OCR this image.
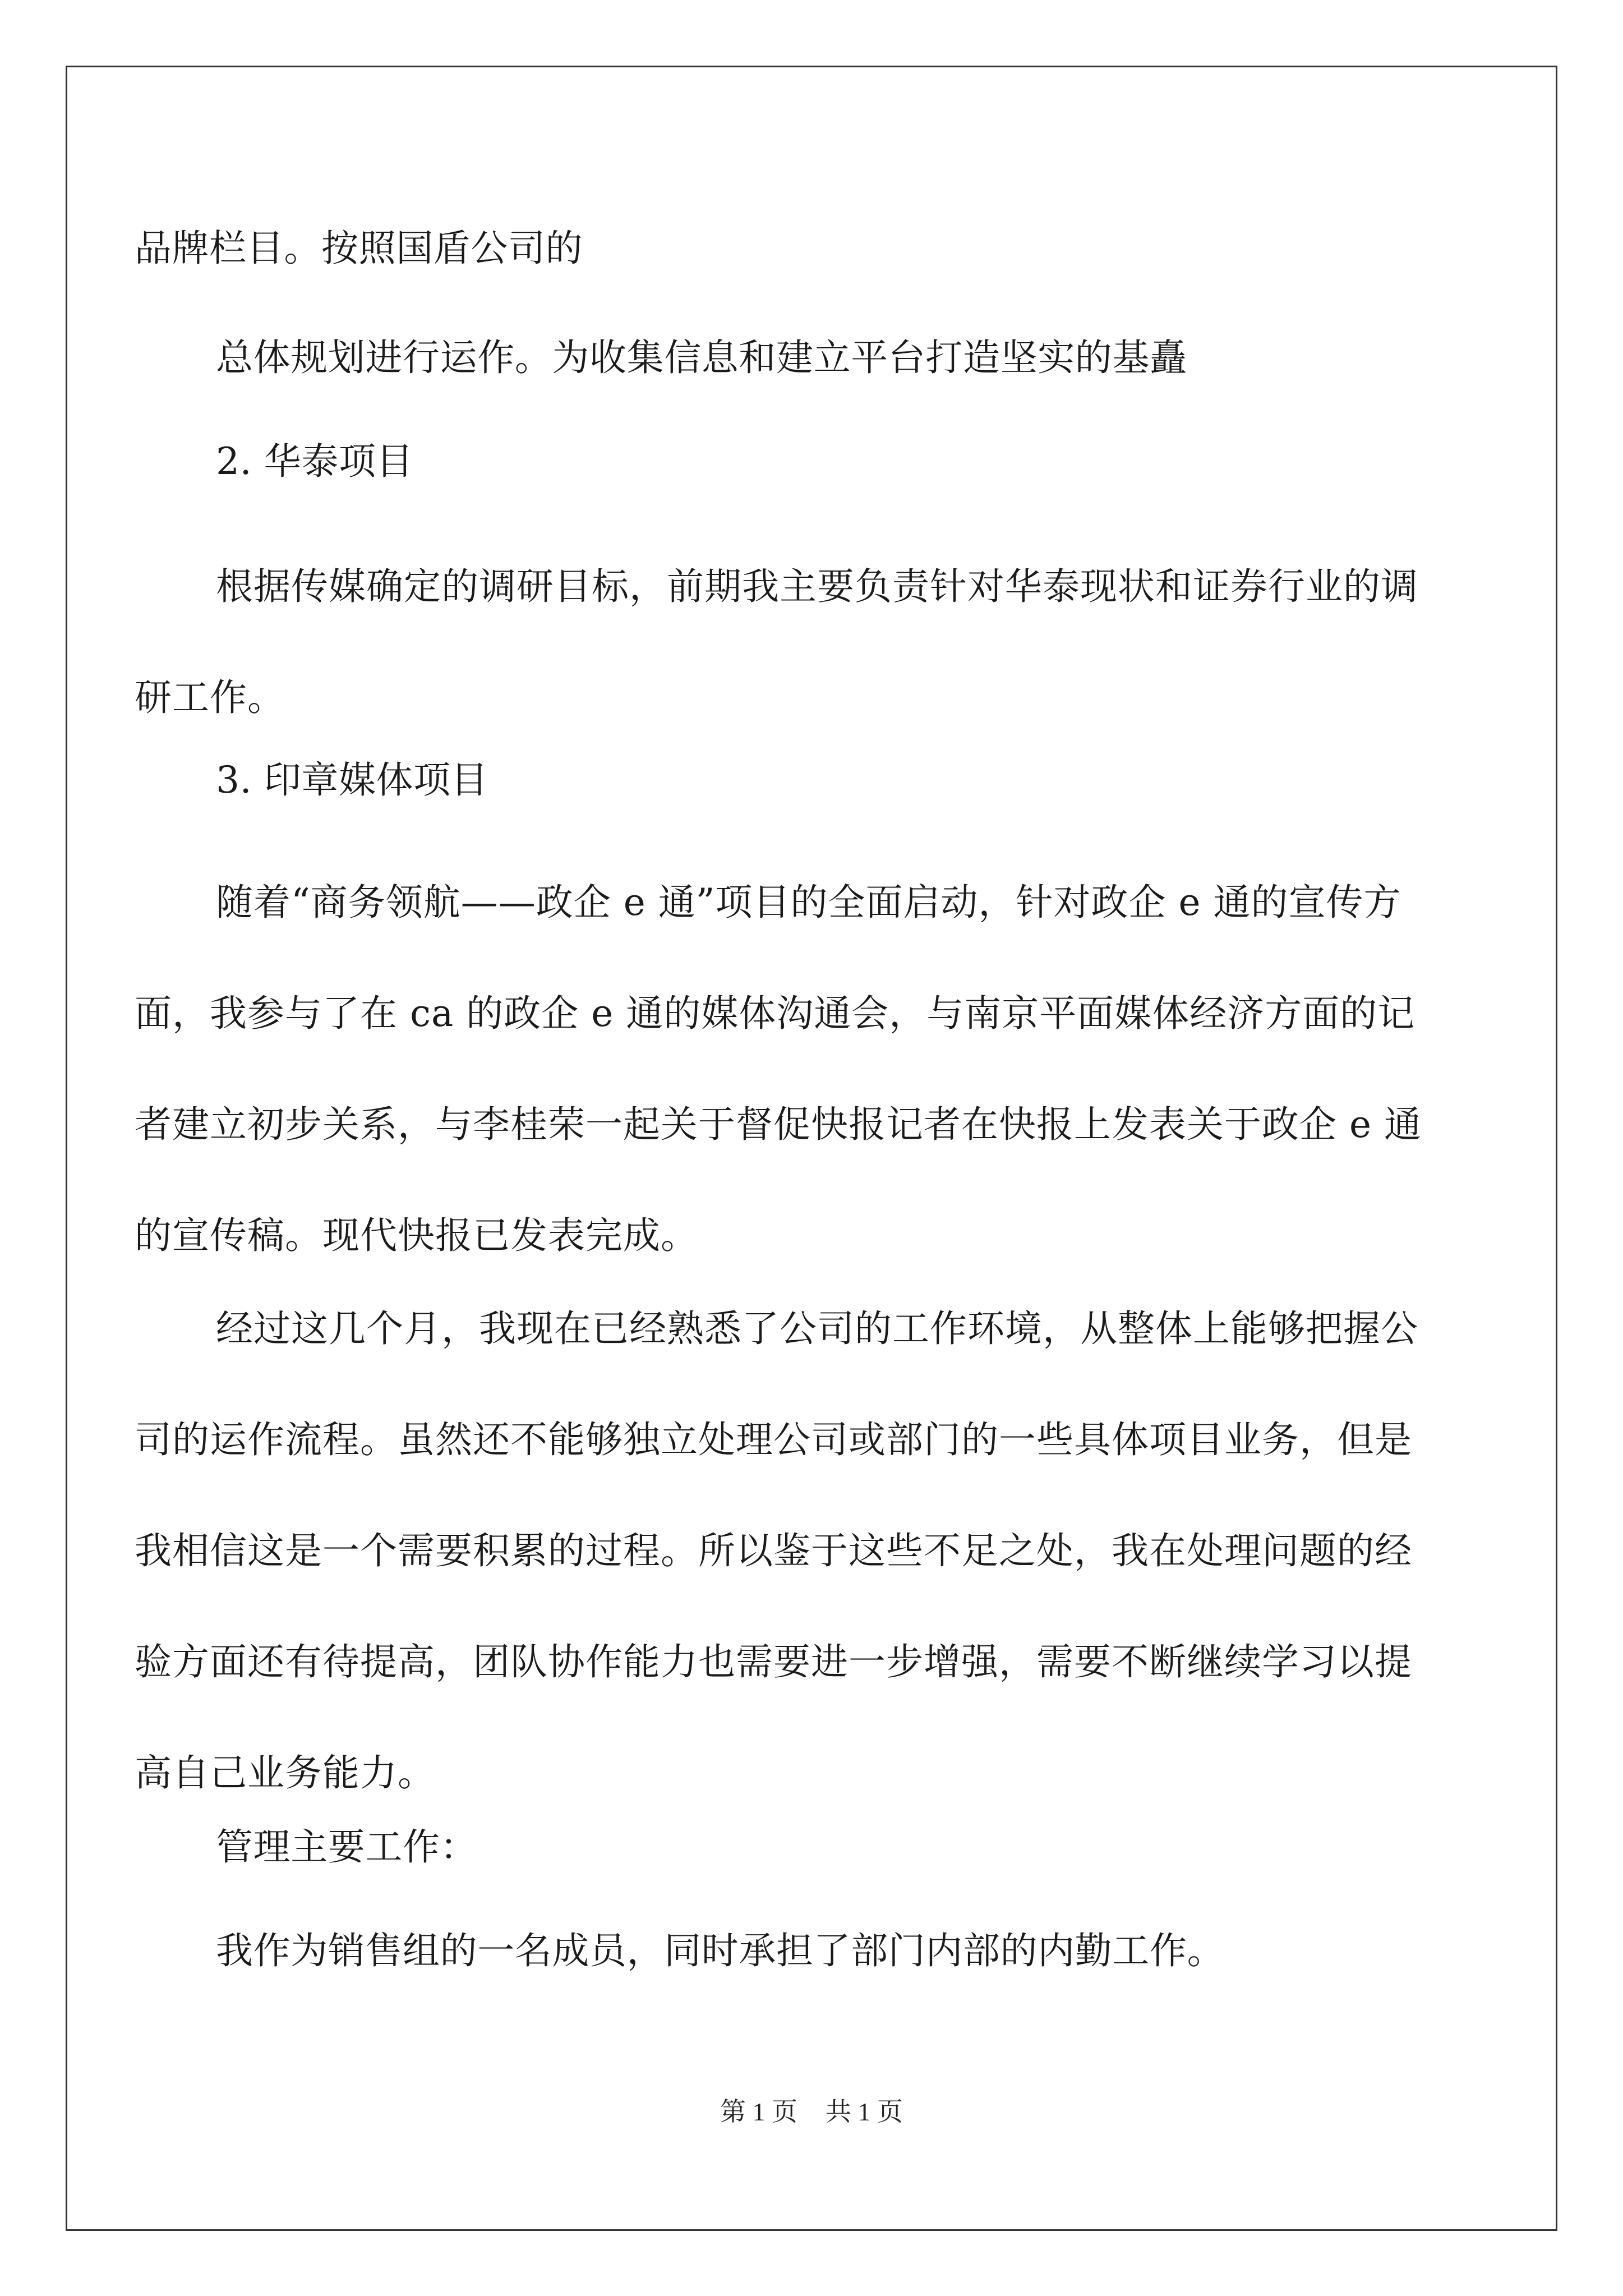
品牌栏目。按照国盾公司的

总体规划进行运作。为收集信息和建立平台打造坚实的基矗

2. 华泰项目

根据传媒确定的调研目标，前期我主要负责针对华泰现状和证券行业的调研工作。

3. 印章媒体项目

随着“商务领航——政企 e 通”项目的全面启动，针对政企 e 通的宣传方面，我参与了在 ca 的政企 e 通的媒体沟通会，与南京平面媒体经济方面的记者建立初步关系，与李桂荣一起关于督促快报记者在快报上发表关于政企 e 通的宣传稿。现代快报已发表完成。

经过这几个月，我现在已经熟悉了公司的工作环境，从整体上能够把握公司的运作流程。虽然还不能够独立处理公司或部门的一些具体项目业务，但是我相信这是一个需要积累的过程。所以鉴于这些不足之处，我在处理问题的经验方面还有待提高，团队协作能力也需要进一步增强，需要不断继续学习以提高自己业务能力。

管理主要工作：

我作为销售组的一名成员，同时承担了部门内部的内勤工作。

第 1 页 共 1 页
